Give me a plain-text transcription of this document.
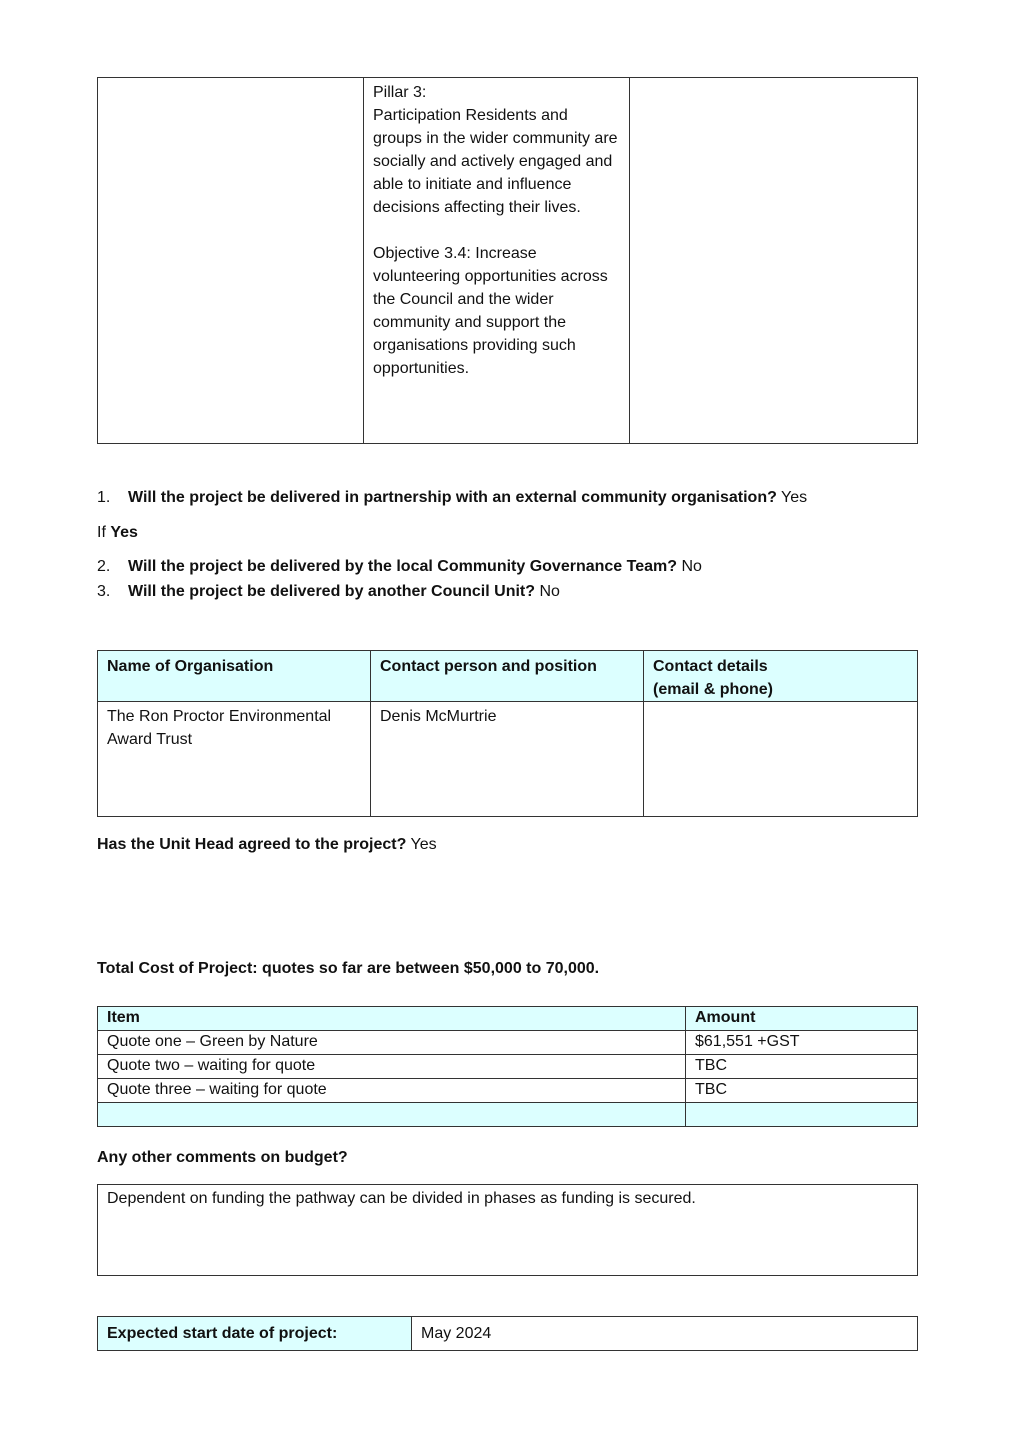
Pillar 3:
Participation Residents and groups in the wider community are socially and actively engaged and able to initiate and influence decisions affecting their lives.
Objective 3.4: Increase volunteering opportunities across the Council and the wider community and support the organisations providing such opportunities.

SECTION THREE: PROJECT DELIVERY
1. Will the project be delivered in partnership with an external community organisation? Yes
If Yes
2. Will the project be delivered by the local Community Governance Team? No
3. Will the project be delivered by another Council Unit? No
Name of Organisation	Contact person and position	Contact details
(email & phone)

The Ron Proctor Environmental
Award Trust	Denis McMurtrie	

Has the Unit Head agreed to the project? Yes
SECTION FOUR: PROJECT BUDGET
Total Cost of Project: quotes so far are between $50,000 to 70,000.
Item	Amount

Quote one – Green by Nature	$61,551 +GST

Quote two – waiting for quote	TBC

Quote three – waiting for quote	TBC

Any other comments on budget?
Dependent on funding the pathway can be divided in phases as funding is secured.
SECTION FIVE: TIMEFRAMES AND REPORTING
Expected start date of project:	May 2024
